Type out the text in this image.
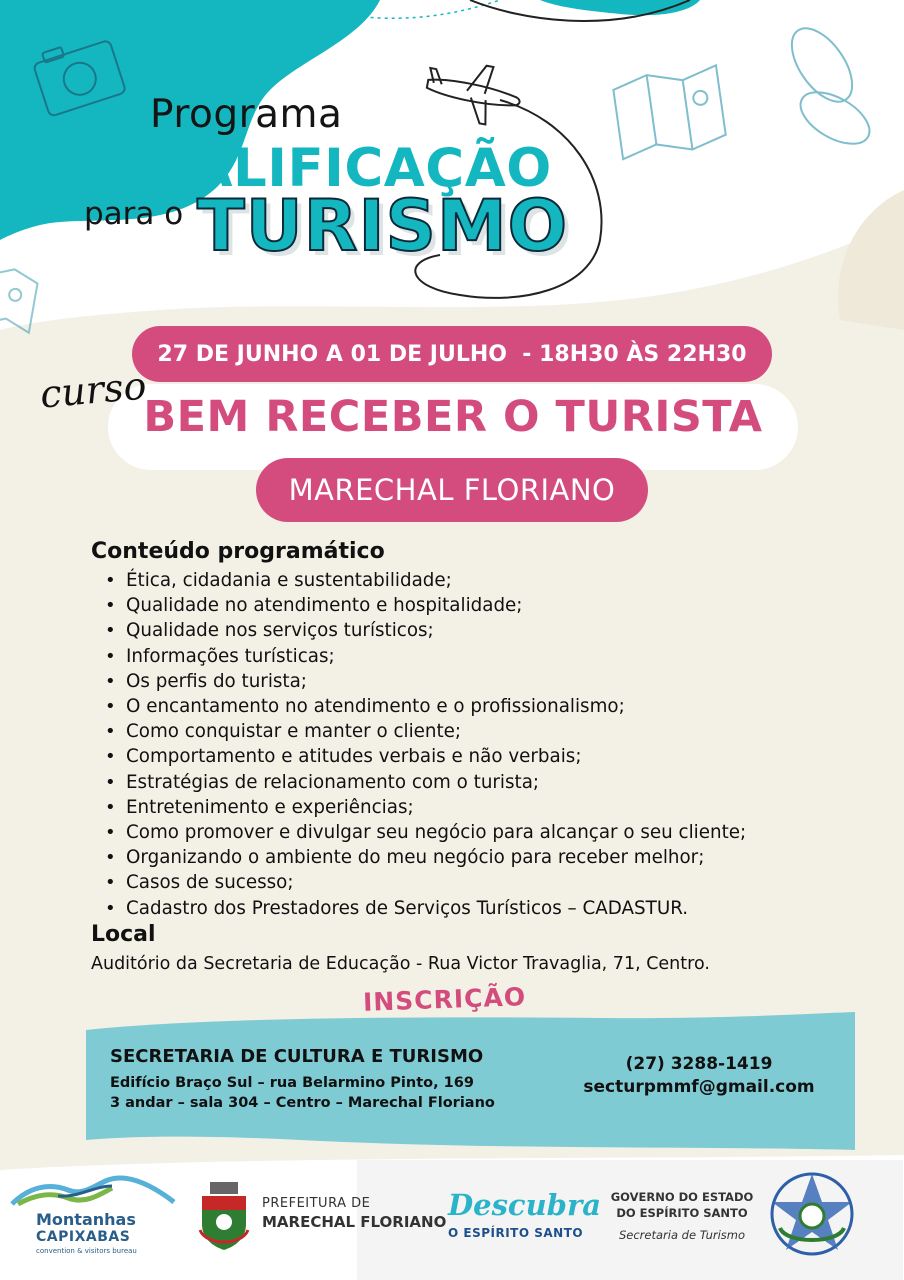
Programa
QUALIFICAÇÃO
para o TURISMO
27 DE JUNHO A 01 DE JULHO  - 18H30 ÀS 22H30
BEM RECEBER O TURISTA
curso
MARECHAL FLORIANO
Conteúdo programático
• Ética, cidadania e sustentabilidade;
• Qualidade no atendimento e hospitalidade;
• Qualidade nos serviços turísticos;
• Informações turísticas;
• Os perfis do turista;
• O encantamento no atendimento e o profissionalismo;
• Como conquistar e manter o cliente;
• Comportamento e atitudes verbais e não verbais;
• Estratégias de relacionamento com o turista;
• Entretenimento e experiências;
• Como promover e divulgar seu negócio para alcançar o seu cliente;
• Organizando o ambiente do meu negócio para receber melhor;
• Casos de sucesso;
• Cadastro dos Prestadores de Serviços Turísticos – CADASTUR.
Local
Auditório da Secretaria de Educação - Rua Victor Travaglia, 71, Centro.
INSCRIÇÃO
SECRETARIA DE CULTURA E TURISMO
Edifício Braço Sul – rua Belarmino Pinto, 169
3 andar – sala 304 – Centro – Marechal Floriano
(27) 3288-1419
secturpmmf@gmail.com
Montanhas
CAPIXABAS
convention & visitors bureau
PREFEITURA DE
MARECHAL FLORIANO Descubra
O ESPÍRITO SANTO
GOVERNO DO ESTADO
DO ESPÍRITO SANTO
Secretaria de Turismo
